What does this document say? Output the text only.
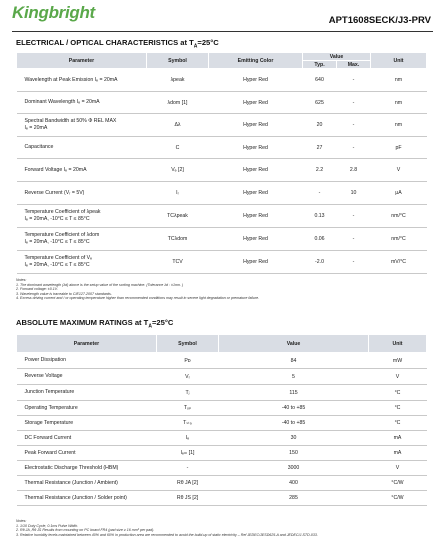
Kingbright	APT1608SECK/J3-PRV
ELECTRICAL / OPTICAL CHARACTERISTICS at $T_A=25^\circ C$
Parameter	Symbol	Emitting Color	Value		Unit
			Typ.	Max.	
Wavelength at Peak Emission Iₑ = 20mA	λpeak	Hyper Red	640	-	nm
Dominant Wavelength Iₑ = 20mA	λdom [1]	Hyper Red	625	-	nm
Spectral Bandwidth at 50% Φ REL MAX
Iₑ = 20mA	Δλ	Hyper Red	20	-	nm
Capacitance	C	Hyper Red	27	-	pF
Forward Voltage Iₑ = 20mA	Vₑ [2]	Hyper Red	2.2	2.8	V
Reverse Current (Vᵣ = 5V)	Iᵣ	Hyper Red	-	10	μA
Temperature Coefficient of λpeak
Iₑ = 20mA, -10°C ≤ T ≤ 85°C	TCλpeak	Hyper Red	0.13	-	nm/°C
Temperature Coefficient of λdom
Iₑ = 20mA, -10°C ≤ T ≤ 85°C	TCλdom	Hyper Red	0.06	-	nm/°C
Temperature Coefficient of Vₑ
Iₑ = 20mA, -10°C ≤ T ≤ 85°C	TCV	Hyper Red	-2.0	-	mV/°C
Notes:
1. The dominant wavelength (λd) above is the setup value of the sorting machine. (Tolerance λd : ±1nm. )
2. Forward voltage: ±0.1V.
3. Wavelength value is traceable to CIE127-2007 standards.
4. Excess driving current and / or operating temperature higher than recommended conditions may result in severe light degradation or premature failure.
ABSOLUTE MAXIMUM RATINGS at $T_A=25^\circ C$
Parameter	Symbol	Value	Unit
Power Dissipation	Pᴅ	84	mW
Reverse Voltage	Vᵣ	5	V
Junction Temperature	Tⱼ	115	°C
Operating Temperature	Tₒₚ	-40 to +85	°C
Storage Temperature	Tₛₜ₉	-40 to +85	°C
DC Forward Current	Iₑ	30	mA
Peak Forward Current	Iₑₘ [1]	150	mA
Electrostatic Discharge Threshold (HBM)	-	3000	V
Thermal Resistance (Junction / Ambient)	Rθ JA [2]	400	°C/W
Thermal Resistance (Junction / Solder point)	Rθ JS [2]	285	°C/W
Notes:
1. 1/10 Duty Cycle, 0.1ms Pulse Width.
2. Rθ JA ,Rθ JS Results from mounting on PC board FR4 (pad size ≥ 16 mm² per pad).
3. Relative humidity levels maintained between 40% and 60% in production area are recommended to avoid the build-up of static electricity – Ref JEDEC/JESD625-A and JEDEC/J-STD-033.
